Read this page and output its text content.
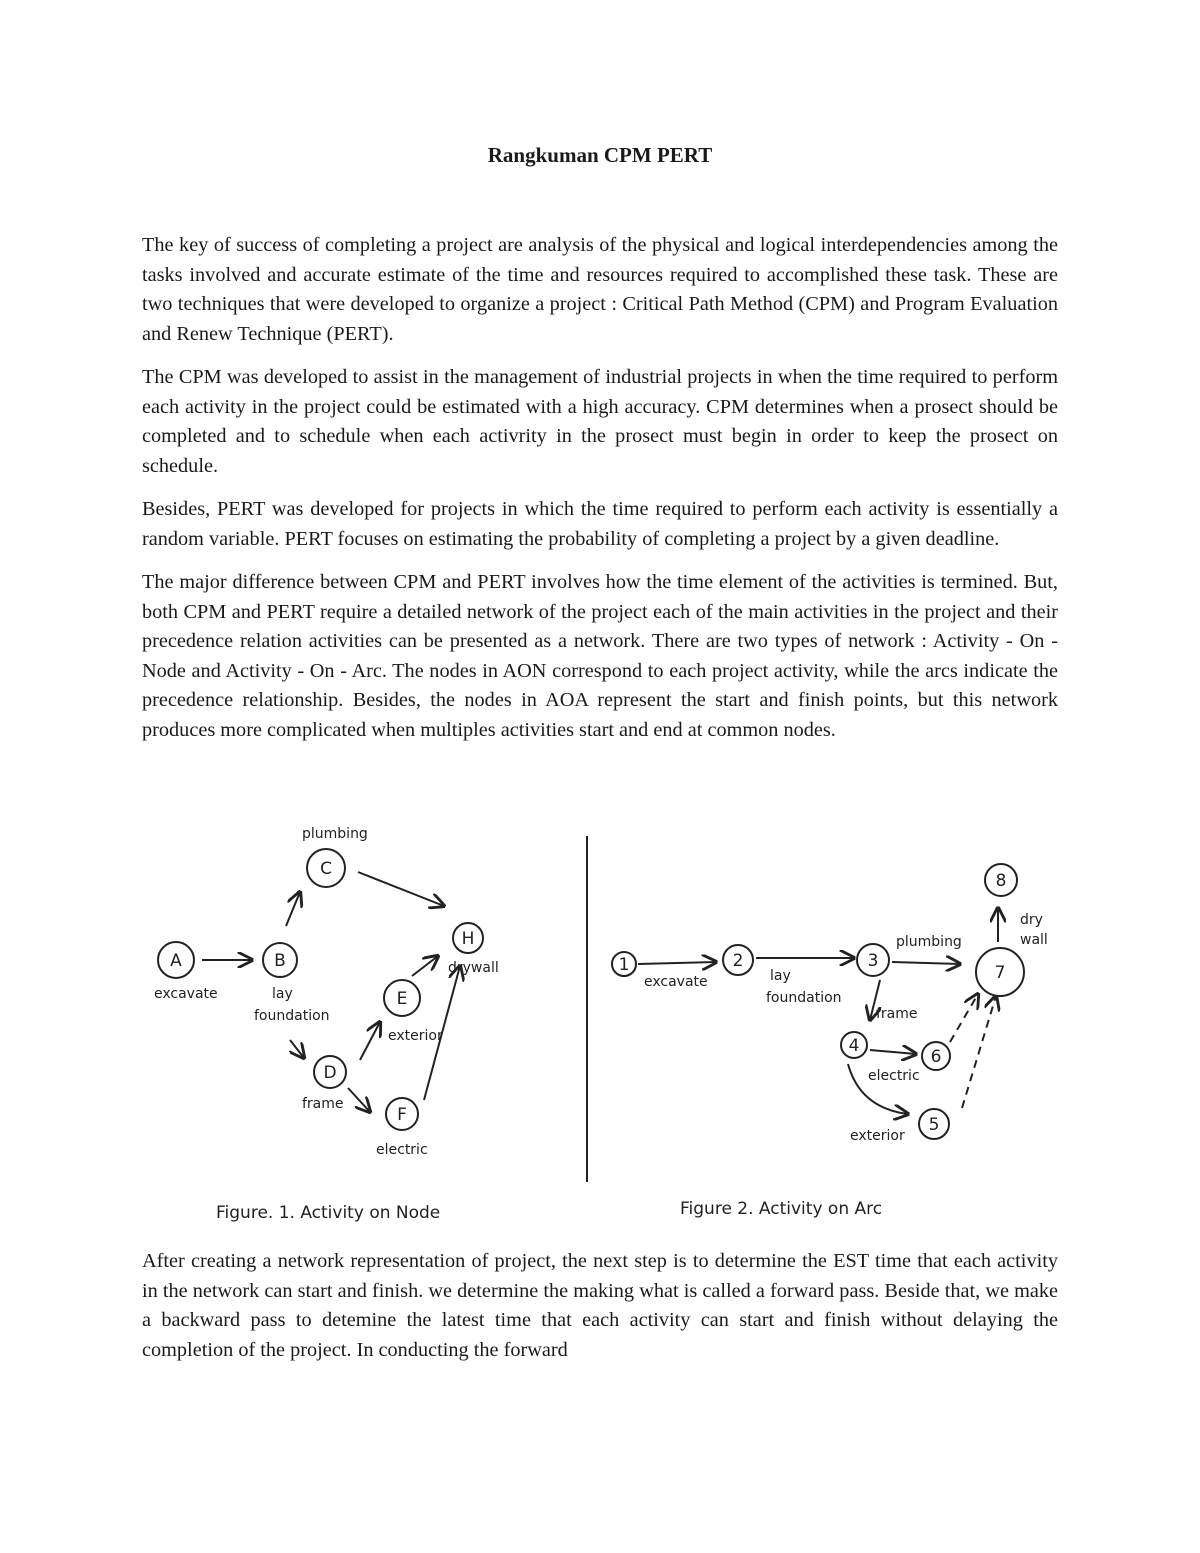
Rangkuman CPM PERT

The key of success of completing a project are analysis of the physical and logical interdependencies among the tasks involved and accurate estimate of the time and resources required to accomplished these task. These are two techniques that were developed to organize a project : Critical Path Method (CPM) and Program Evaluation and Renew Technique (PERT).

The CPM was developed to assist in the management of industrial projects in when the time required to perform each activity in the project could be estimated with a high accuracy. CPM determines when a prosect should be completed and to schedule when each activrity in the prosect must begin in order to keep the prosect on schedule.

Besides, PERT was developed for projects in which the time required to perform each activity is essentially a random variable. PERT focuses on estimating the probability of completing a project by a given deadline.

The major difference between CPM and PERT involves how the time element of the activities is termined. But, both CPM and PERT require a detailed network of the project each of the main activities in the project and their precedence relation activities can be presented as a network. There are two types of network : Activity - On - Node and Activity - On - Arc. The nodes in AON correspond to each project activity, while the arcs indicate the precedence relationship. Besides, the nodes in AOA represent the start and finish points, but this network produces more complicated when multiples activities start and end at common nodes.

A	B
C
D
E
F
H
excavate	lay
foundation
plumbing
frame
exterior
electric
drywall
Figure. 1. Activity on Node
1	2	3
4
6
5
7
8
excavate	lay
foundation
plumbing
frame
electric
exterior
dry
wall
Figure 2. Activity on Arc

After creating a network representation of project, the next step is to determine the EST time that each activity in the network can start and finish. we determine the making what is called a forward pass. Beside that, we make a backward pass to detemine the latest time that each activity can start and finish without delaying the completion of the project. In conducting the forward
